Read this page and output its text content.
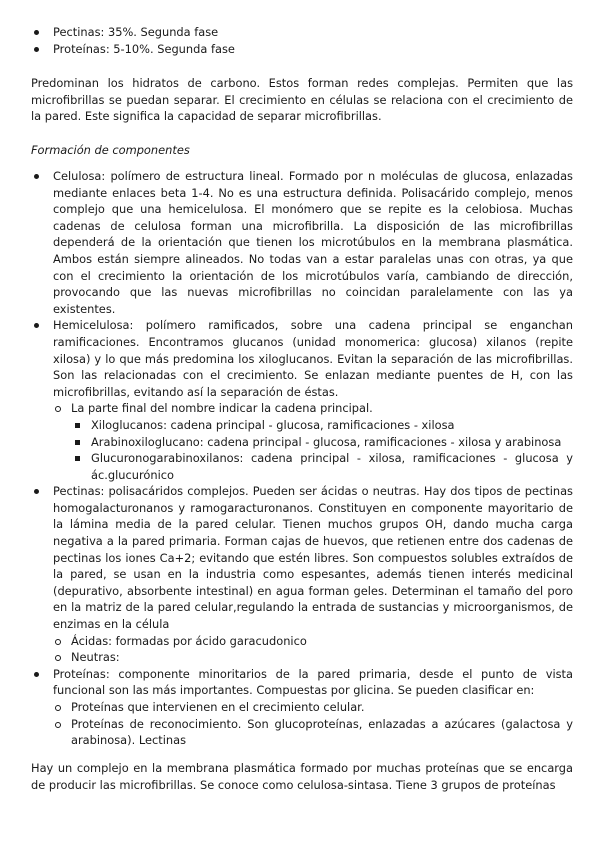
Pectinas: 35%. Segunda fase
Proteínas: 5-10%. Segunda fase
Predominan los hidratos de carbono. Estos forman redes complejas. Permiten que las microfibrillas se puedan separar. El crecimiento en células se relaciona con el crecimiento de la pared. Este significa la capacidad de separar microfibrillas.
Formación de componentes
Celulosa: polímero de estructura lineal. Formado por n moléculas de glucosa, enlazadas mediante enlaces beta 1-4. No es una estructura definida. Polisacárido complejo, menos complejo que una hemicelulosa. El monómero que se repite es la celobiosa. Muchas cadenas de celulosa forman una microfibrilla. La disposición de las microfibrillas dependerá de la orientación que tienen los microtúbulos en la membrana plasmática. Ambos están siempre alineados. No todas van a estar paralelas unas con otras, ya que con el crecimiento la orientación de los microtúbulos varía, cambiando de dirección, provocando que las nuevas microfibrillas no coincidan paralelamente con las ya existentes.
Hemicelulosa: polímero ramificados, sobre una cadena principal se enganchan ramificaciones. Encontramos glucanos (unidad monomerica: glucosa) xilanos (repite xilosa) y lo que más predomina los xiloglucanos. Evitan la separación de las microfibrillas. Son las relacionadas con el crecimiento. Se enlazan mediante puentes de H, con las microfibrillas, evitando así la separación de éstas.
La parte final del nombre indicar la cadena principal.
Xiloglucanos: cadena principal - glucosa, ramificaciones - xilosa
Arabinoxiloglucano: cadena principal - glucosa, ramificaciones - xilosa y arabinosa
Glucuronogarabinoxilanos: cadena principal - xilosa, ramificaciones - glucosa y ác.glucurónico
Pectinas: polisacáridos complejos. Pueden ser ácidas o neutras. Hay dos tipos de pectinas homogalacturonanos y ramogaracturonanos. Constituyen en componente mayoritario de la lámina media de la pared celular. Tienen muchos grupos OH, dando mucha carga negativa a la pared primaria. Forman cajas de huevos, que retienen entre dos cadenas de pectinas los iones Ca+2; evitando que estén libres. Son compuestos solubles extraídos de la pared, se usan en la industria como espesantes, además tienen interés medicinal (depurativo, absorbente intestinal) en agua forman geles. Determinan el tamaño del poro en la matriz de la pared celular,regulando la entrada de sustancias y microorganismos, de enzimas en la célula
Ácidas: formadas por ácido garacudonico
Neutras:
Proteínas: componente minoritarios de la pared primaria, desde el punto de vista funcional son las más importantes. Compuestas por glicina. Se pueden clasificar en:
Proteínas que intervienen en el crecimiento celular.
Proteínas de reconocimiento. Son glucoproteínas, enlazadas a azúcares (galactosa y arabinosa). Lectinas
Hay un complejo en la membrana plasmática formado por muchas proteínas que se encarga de producir las microfibrillas. Se conoce como celulosa-sintasa. Tiene 3 grupos de proteínas
